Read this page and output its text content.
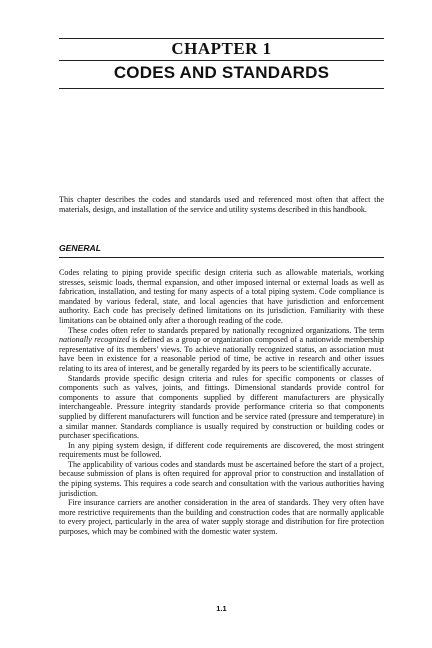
CHAPTER 1
CODES AND STANDARDS

This chapter describes the codes and standards used and referenced most often that affect the materials, design, and installation of the service and utility systems described in this handbook.

GENERAL

Codes relating to piping provide specific design criteria such as allowable materials, working stresses, seismic loads, thermal expansion, and other imposed internal or external loads as well as fabrication, installation, and testing for many aspects of a total piping system. Code compliance is mandated by various federal, state, and local agencies that have jurisdiction and enforcement authority. Each code has precisely defined limitations on its jurisdiction. Familiarity with these limitations can be obtained only after a thorough reading of the code.

These codes often refer to standards prepared by nationally recognized organizations. The term nationally recognized is defined as a group or organization composed of a nationwide membership representative of its members' views. To achieve nationally recognized status, an association must have been in existence for a reasonable period of time, be active in research and other issues relating to its area of interest, and be generally regarded by its peers to be scientifically accurate.

Standards provide specific design criteria and rules for specific components or classes of components such as valves, joints, and fittings. Dimensional standards provide control for components to assure that components supplied by different manufacturers are physically interchangeable. Pressure integrity standards provide performance criteria so that components supplied by different manufacturers will function and be service rated (pressure and temperature) in a similar manner. Standards compliance is usually required by construction or building codes or purchaser specifications.

In any piping system design, if different code requirements are discovered, the most stringent requirements must be followed.

The applicability of various codes and standards must be ascertained before the start of a project, because submission of plans is often required for approval prior to construction and installation of the piping systems. This requires a code search and consultation with the various authorities having jurisdiction.

Fire insurance carriers are another consideration in the area of standards. They very often have more restrictive requirements than the building and construction codes that are normally applicable to every project, particularly in the area of water supply storage and distribution for fire protection purposes, which may be combined with the domestic water system.

1.1
